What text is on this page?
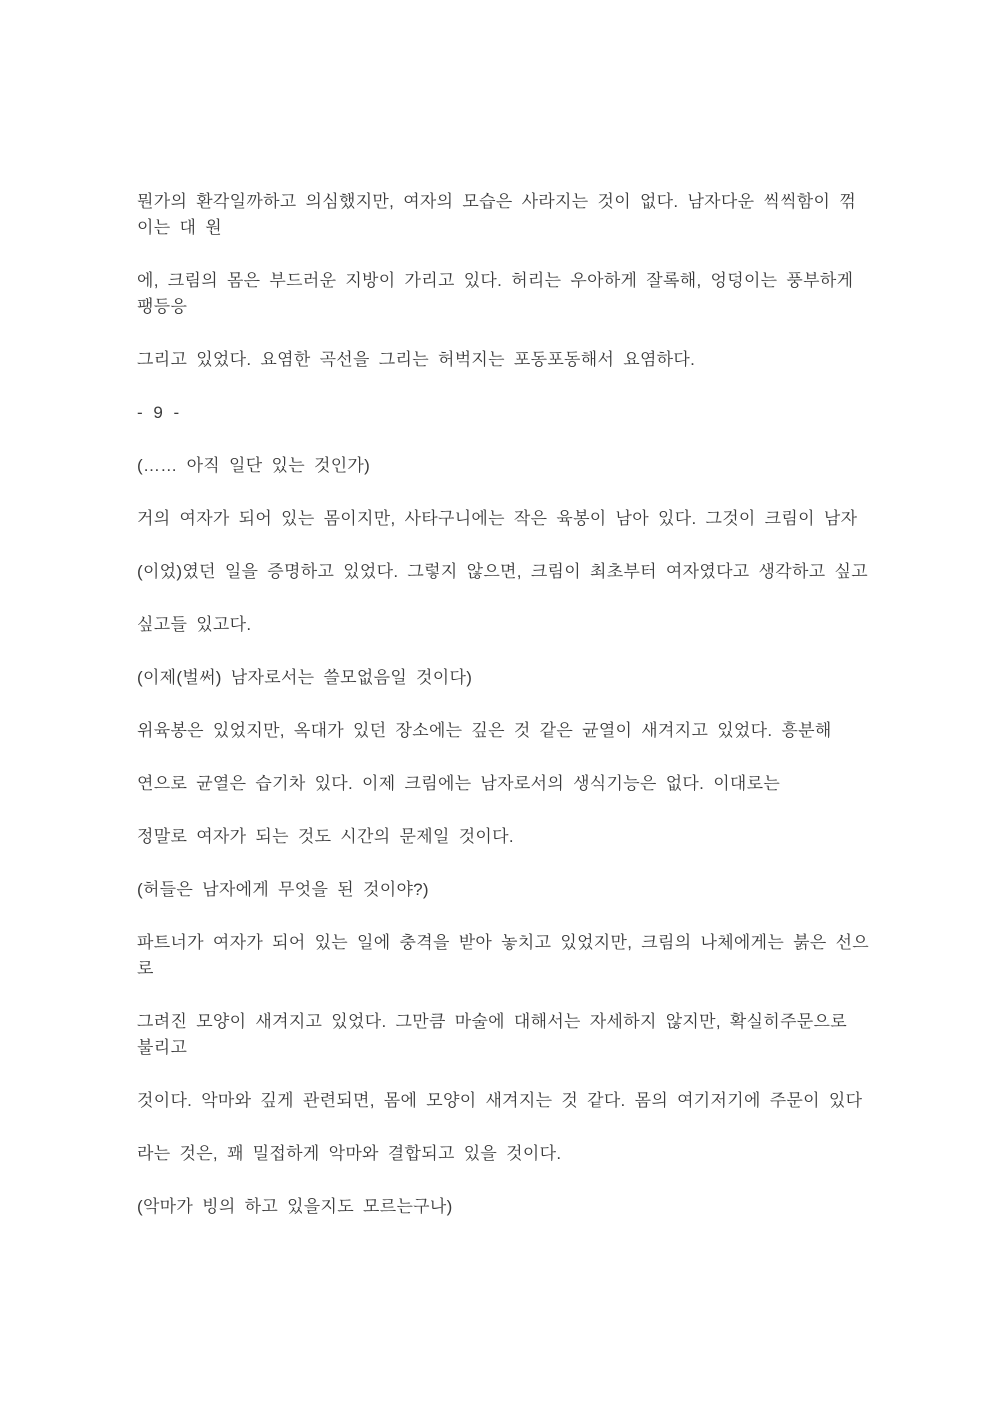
뭔가의 환각일까하고 의심했지만, 여자의 모습은 사라지는 것이 없다. 남자다운 씩씩함이 꺾
이는 대 원

에, 크림의 몸은 부드러운 지방이 가리고 있다. 허리는 우아하게 잘록해, 엉덩이는 풍부하게
팽등응

그리고 있었다. 요염한 곡선을 그리는 허벅지는 포동포동해서 요염하다.

- 9 -

(…… 아직 일단 있는 것인가)

거의 여자가 되어 있는 몸이지만, 사타구니에는 작은 육봉이 남아 있다. 그것이 크림이 남자

(이었)였던 일을 증명하고 있었다. 그렇지 않으면, 크림이 최초부터 여자였다고 생각하고 싶고

싶고들 있고다.

(이제(벌써) 남자로서는 쓸모없음일 것이다)

위육봉은 있었지만, 옥대가 있던 장소에는 깊은 것 같은 균열이 새겨지고 있었다. 흥분해

연으로 균열은 습기차 있다. 이제 크림에는 남자로서의 생식기능은 없다. 이대로는

정말로 여자가 되는 것도 시간의 문제일 것이다.

(허들은 남자에게 무엇을 된 것이야?)

파트너가 여자가 되어 있는 일에 충격을 받아 놓치고 있었지만, 크림의 나체에게는 붉은 선으
로

그려진 모양이 새겨지고 있었다. 그만큼 마술에 대해서는 자세하지 않지만, 확실히주문으로
불리고

것이다. 악마와 깊게 관련되면, 몸에 모양이 새겨지는 것 같다. 몸의 여기저기에 주문이 있다

라는 것은, 꽤 밀접하게 악마와 결합되고 있을 것이다.

(악마가 빙의 하고 있을지도 모르는구나)
